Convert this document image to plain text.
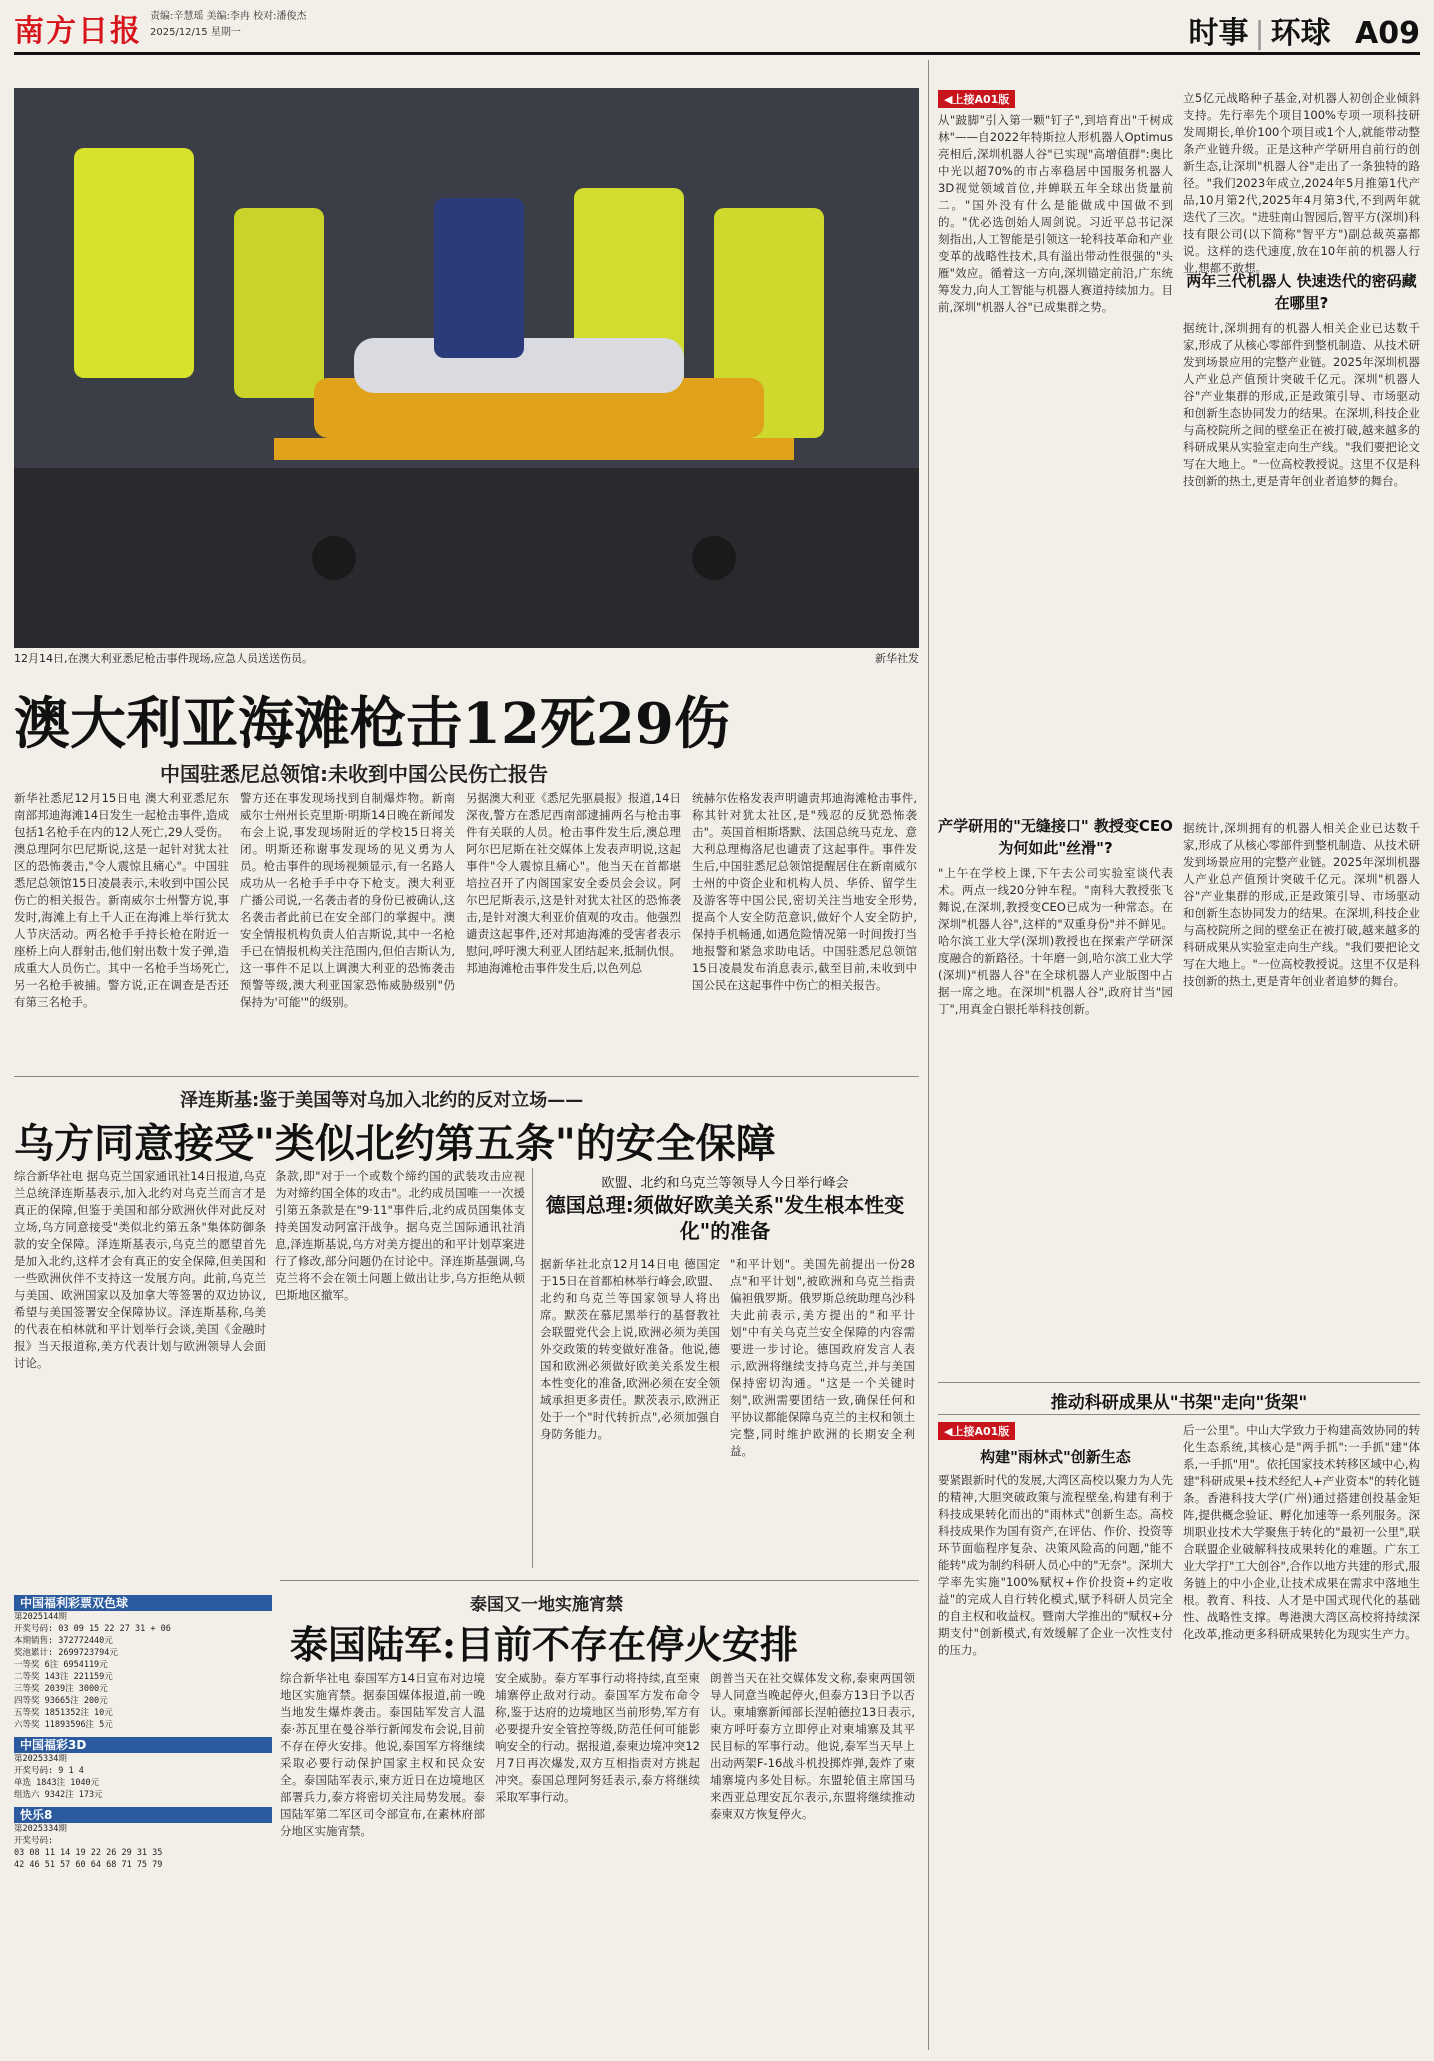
南方日报 责编:辛慧瑶 美编:李冉 校对:潘俊杰
2025/12/15 星期一	时事 | 环球 A09
12月14日,在澳大利亚悉尼枪击事件现场,应急人员送送伤员。	新华社发
澳大利亚海滩枪击12死29伤
中国驻悉尼总领馆:未收到中国公民伤亡报告
新华社悉尼12月15日电 澳大利亚悉尼东南部邦迪海滩14日发生一起枪击事件,造成包括1名枪手在内的12人死亡,29人受伤。澳总理阿尔巴尼斯说,这是一起针对犹太社区的恐怖袭击,"令人震惊且痛心"。中国驻悉尼总领馆15日凌晨表示,未收到中国公民伤亡的相关报告。新南威尔士州警方说,事发时,海滩上有上千人正在海滩上举行犹太人节庆活动。两名枪手手持长枪在附近一座桥上向人群射击,他们射出数十发子弹,造成重大人员伤亡。其中一名枪手当场死亡,另一名枪手被捕。警方说,正在调查是否还有第三名枪手。
警方还在事发现场找到自制爆炸物。新南威尔士州州长克里斯·明斯14日晚在新闻发布会上说,事发现场附近的学校15日将关闭。明斯还称谢事发现场的见义勇为人员。枪击事件的现场视频显示,有一名路人成功从一名枪手手中夺下枪支。澳大利亚广播公司说,一名袭击者的身份已被确认,这名袭击者此前已在安全部门的掌握中。澳安全情报机构负责人伯吉斯说,其中一名枪手已在情报机构关注范围内,但伯吉斯认为,这一事件不足以上调澳大利亚的恐怖袭击预警等级,澳大利亚国家恐怖威胁级别"仍保持为'可能'"的级别。
另据澳大利亚《悉尼先驱晨报》报道,14日深夜,警方在悉尼西南部逮捕两名与枪击事件有关联的人员。枪击事件发生后,澳总理阿尔巴尼斯在社交媒体上发表声明说,这起事件"令人震惊且痛心"。他当天在首都堪培拉召开了内阁国家安全委员会会议。阿尔巴尼斯表示,这是针对犹太社区的恐怖袭击,是针对澳大利亚价值观的攻击。他强烈谴责这起事件,还对邦迪海滩的受害者表示慰问,呼吁澳大利亚人团结起来,抵制仇恨。邦迪海滩枪击事件发生后,以色列总
统赫尔佐格发表声明谴责邦迪海滩枪击事件,称其针对犹太社区,是"残忍的反犹恐怖袭击"。英国首相斯塔默、法国总统马克龙、意大利总理梅洛尼也谴责了这起事件。事件发生后,中国驻悉尼总领馆提醒居住在新南威尔士州的中资企业和机构人员、华侨、留学生及游客等中国公民,密切关注当地安全形势,提高个人安全防范意识,做好个人安全防护,保持手机畅通,如遇危险情况第一时间拨打当地报警和紧急求助电话。中国驻悉尼总领馆15日凌晨发布消息表示,截至目前,未收到中国公民在这起事件中伤亡的相关报告。
泽连斯基:鉴于美国等对乌加入北约的反对立场——
乌方同意接受"类似北约第五条"的安全保障
综合新华社电 据乌克兰国家通讯社14日报道,乌克兰总统泽连斯基表示,加入北约对乌克兰而言才是真正的保障,但鉴于美国和部分欧洲伙伴对此反对立场,乌方同意接受"类似北约第五条"集体防御条款的安全保障。泽连斯基表示,乌克兰的愿望首先是加入北约,这样才会有真正的安全保障,但美国和一些欧洲伙伴不支持这一发展方向。此前,乌克兰与美国、欧洲国家以及加拿大等签署的双边协议,希望与美国签署安全保障协议。泽连斯基称,乌美的代表在柏林就和平计划举行会谈,美国《金融时报》当天报道称,美方代表计划与欧洲领导人会面讨论。
条款,即"对于一个或数个缔约国的武装攻击应视为对缔约国全体的攻击"。北约成员国唯一一次援引第五条款是在"9·11"事件后,北约成员国集体支持美国发动阿富汗战争。据乌克兰国际通讯社消息,泽连斯基说,乌方对美方提出的和平计划草案进行了修改,部分问题仍在讨论中。泽连斯基强调,乌克兰将不会在领土问题上做出让步,乌方拒绝从顿巴斯地区撤军。
欧盟、北约和乌克兰等领导人今日举行峰会
德国总理:须做好欧美关系"发生根本性变化"的准备
据新华社北京12月14日电 德国定于15日在首都柏林举行峰会,欧盟、北约和乌克兰等国家领导人将出席。默茨在慕尼黑举行的基督教社会联盟党代会上说,欧洲必须为美国外交政策的转变做好准备。他说,德国和欧洲必须做好欧美关系发生根本性变化的准备,欧洲必须在安全领域承担更多责任。默茨表示,欧洲正处于一个"时代转折点",必须加强自身防务能力。
"和平计划"。美国先前提出一份28点"和平计划",被欧洲和乌克兰指责偏袒俄罗斯。俄罗斯总统助理乌沙科夫此前表示,美方提出的"和平计划"中有关乌克兰安全保障的内容需要进一步讨论。德国政府发言人表示,欧洲将继续支持乌克兰,并与美国保持密切沟通。"这是一个关键时刻",欧洲需要团结一致,确保任何和平协议都能保障乌克兰的主权和领土完整,同时维护欧洲的长期安全利益。
中国福利彩票双色球
第2025144期
开奖号码: 03 09 15 22 27 31 + 06
本期销售: 372772440元
奖池累计: 2699723794元
一等奖 6注 6954119元
二等奖 143注 221159元
三等奖 2039注 3000元
四等奖 93665注 200元
五等奖 1851352注 10元
六等奖 11893596注 5元
中国福彩3D
第2025334期
开奖号码: 9 1 4
单选 1843注 1040元
组选六 9342注 173元
快乐8
第2025334期
开奖号码:
03 08 11 14 19 22 26 29 31 35
42 46 51 57 60 64 68 71 75 79
泰国又一地实施宵禁
泰国陆军:目前不存在停火安排
综合新华社电 泰国军方14日宣布对边境地区实施宵禁。据泰国媒体报道,前一晚当地发生爆炸袭击。泰国陆军发言人温泰·苏瓦里在曼谷举行新闻发布会说,目前不存在停火安排。他说,泰国军方将继续采取必要行动保护国家主权和民众安全。泰国陆军表示,柬方近日在边境地区部署兵力,泰方将密切关注局势发展。泰国陆军第二军区司令部宣布,在素林府部分地区实施宵禁。
安全威胁。泰方军事行动将持续,直至柬埔寨停止敌对行动。泰国军方发布命令称,鉴于达府的边境地区当前形势,军方有必要提升安全管控等级,防范任何可能影响安全的行动。据报道,泰柬边境冲突12月7日再次爆发,双方互相指责对方挑起冲突。泰国总理阿努廷表示,泰方将继续采取军事行动。
朗普当天在社交媒体发文称,泰柬两国领导人同意当晚起停火,但泰方13日予以否认。柬埔寨新闻部长涅帕德拉13日表示,柬方呼吁泰方立即停止对柬埔寨及其平民目标的军事行动。他说,泰军当天早上出动两架F-16战斗机投掷炸弹,轰炸了柬埔寨境内多处目标。东盟轮值主席国马来西亚总理安瓦尔表示,东盟将继续推动泰柬双方恢复停火。
◀上接A01版
从"跛脚"引入第一颗"钉子",到培育出"千树成林"——自2022年特斯拉人形机器人Optimus亮相后,深圳机器人谷"已实现"高增值群":奥比中光以超70%的市占率稳居中国服务机器人3D视觉领域首位,并蝉联五年全球出货量前二。"国外没有什么是能做成中国做不到的。"优必选创始人周剑说。习近平总书记深刻指出,人工智能是引领这一轮科技革命和产业变革的战略性技术,具有溢出带动性很强的"头雁"效应。循着这一方向,深圳锚定前沿,广东统筹发力,向人工智能与机器人赛道持续加力。目前,深圳"机器人谷"已成集群之势。
立5亿元战略种子基金,对机器人初创企业倾斜支持。先行率先个项目100%专项一项科技研发周期长,单价100个项目或1个人,就能带动整条产业链升级。正是这种产学研用自前行的创新生态,让深圳"机器人谷"走出了一条独特的路径。"我们2023年成立,2024年5月推第1代产品,10月第2代,2025年4月第3代,不到两年就迭代了三次。"进驻南山智园后,智平方(深圳)科技有限公司(以下简称"智平方")副总裁英嘉都说。这样的迭代速度,放在10年前的机器人行业,想都不敢想。
两年三代机器人 快速迭代的密码藏在哪里?
据统计,深圳拥有的机器人相关企业已达数千家,形成了从核心零部件到整机制造、从技术研发到场景应用的完整产业链。2025年深圳机器人产业总产值预计突破千亿元。深圳"机器人谷"产业集群的形成,正是政策引导、市场驱动和创新生态协同发力的结果。在深圳,科技企业与高校院所之间的壁垒正在被打破,越来越多的科研成果从实验室走向生产线。"我们要把论文写在大地上。"一位高校教授说。这里不仅是科技创新的热土,更是青年创业者追梦的舞台。
产学研用的"无缝接口" 教授变CEO为何如此"丝滑"?
"上午在学校上课,下午去公司实验室谈代表术。两点一线20分钟车程。"南科大教授张飞舞说,在深圳,教授变CEO已成为一种常态。在深圳"机器人谷",这样的"双重身份"并不鲜见。哈尔滨工业大学(深圳)教授也在探索产学研深度融合的新路径。十年磨一剑,哈尔滨工业大学(深圳)"机器人谷"在全球机器人产业版图中占据一席之地。在深圳"机器人谷",政府甘当"园丁",用真金白银托举科技创新。
据统计,深圳拥有的机器人相关企业已达数千家,形成了从核心零部件到整机制造、从技术研发到场景应用的完整产业链。2025年深圳机器人产业总产值预计突破千亿元。深圳"机器人谷"产业集群的形成,正是政策引导、市场驱动和创新生态协同发力的结果。在深圳,科技企业与高校院所之间的壁垒正在被打破,越来越多的科研成果从实验室走向生产线。"我们要把论文写在大地上。"一位高校教授说。这里不仅是科技创新的热土,更是青年创业者追梦的舞台。
推动科研成果从"书架"走向"货架"
◀上接A01版
构建"雨林式"创新生态
要紧跟新时代的发展,大湾区高校以聚力为人先的精神,大胆突破政策与流程壁垒,构建有利于科技成果转化而出的"雨林式"创新生态。高校科技成果作为国有资产,在评估、作价、投资等环节面临程序复杂、决策风险高的问题,"能不能转"成为制约科研人员心中的"无奈"。深圳大学率先实施"100%赋权+作价投资+约定收益"的完成人自行转化模式,赋予科研人员完全的自主权和收益权。暨南大学推出的"赋权+分期支付"创新模式,有效缓解了企业一次性支付的压力。
后一公里"。中山大学致力于构建高效协同的转化生态系统,其核心是"两手抓":一手抓"建"体系,一手抓"用"。依托国家技术转移区域中心,构建"科研成果+技术经纪人+产业资本"的转化链条。香港科技大学(广州)通过搭建创投基金矩阵,提供概念验证、孵化加速等一系列服务。深圳职业技术大学聚焦于转化的"最初一公里",联合联盟企业破解科技成果转化的难题。广东工业大学打"工大创谷",合作以地方共建的形式,服务链上的中小企业,让技术成果在需求中落地生根。教育、科技、人才是中国式现代化的基础性、战略性支撑。粤港澳大湾区高校将持续深化改革,推动更多科研成果转化为现实生产力。
